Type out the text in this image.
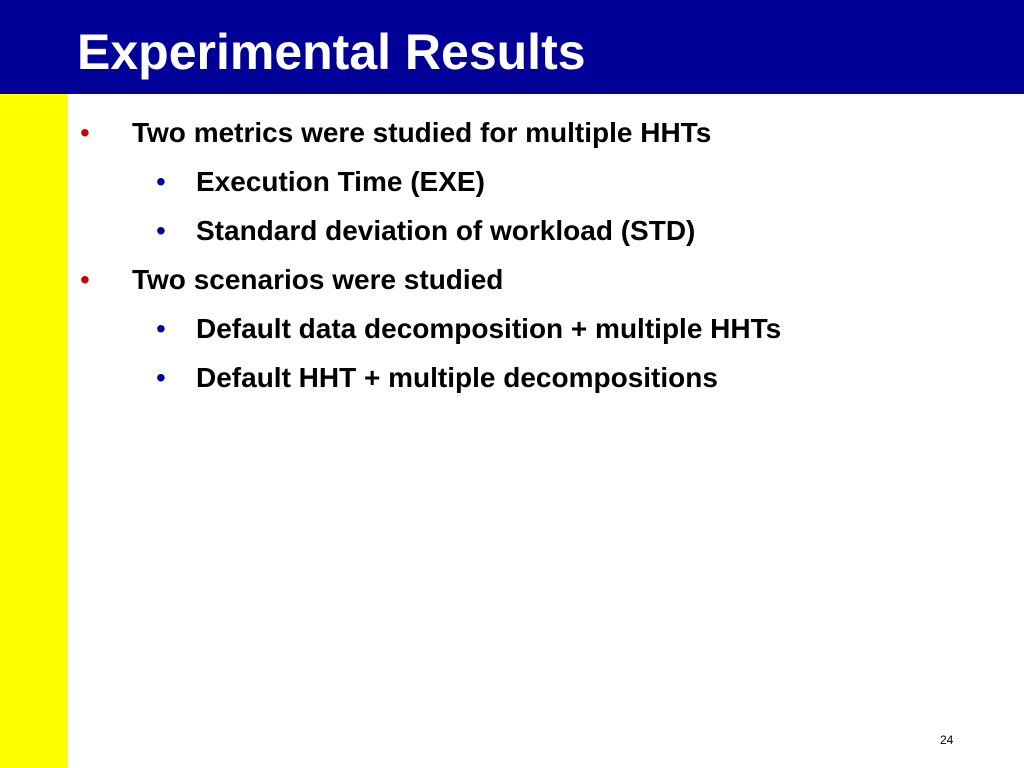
Experimental Results
• Two metrics were studied for multiple HHTs
• Execution Time (EXE)
• Standard deviation of workload (STD)
• Two scenarios were studied
• Default data decomposition + multiple HHTs
• Default HHT + multiple decompositions
24
